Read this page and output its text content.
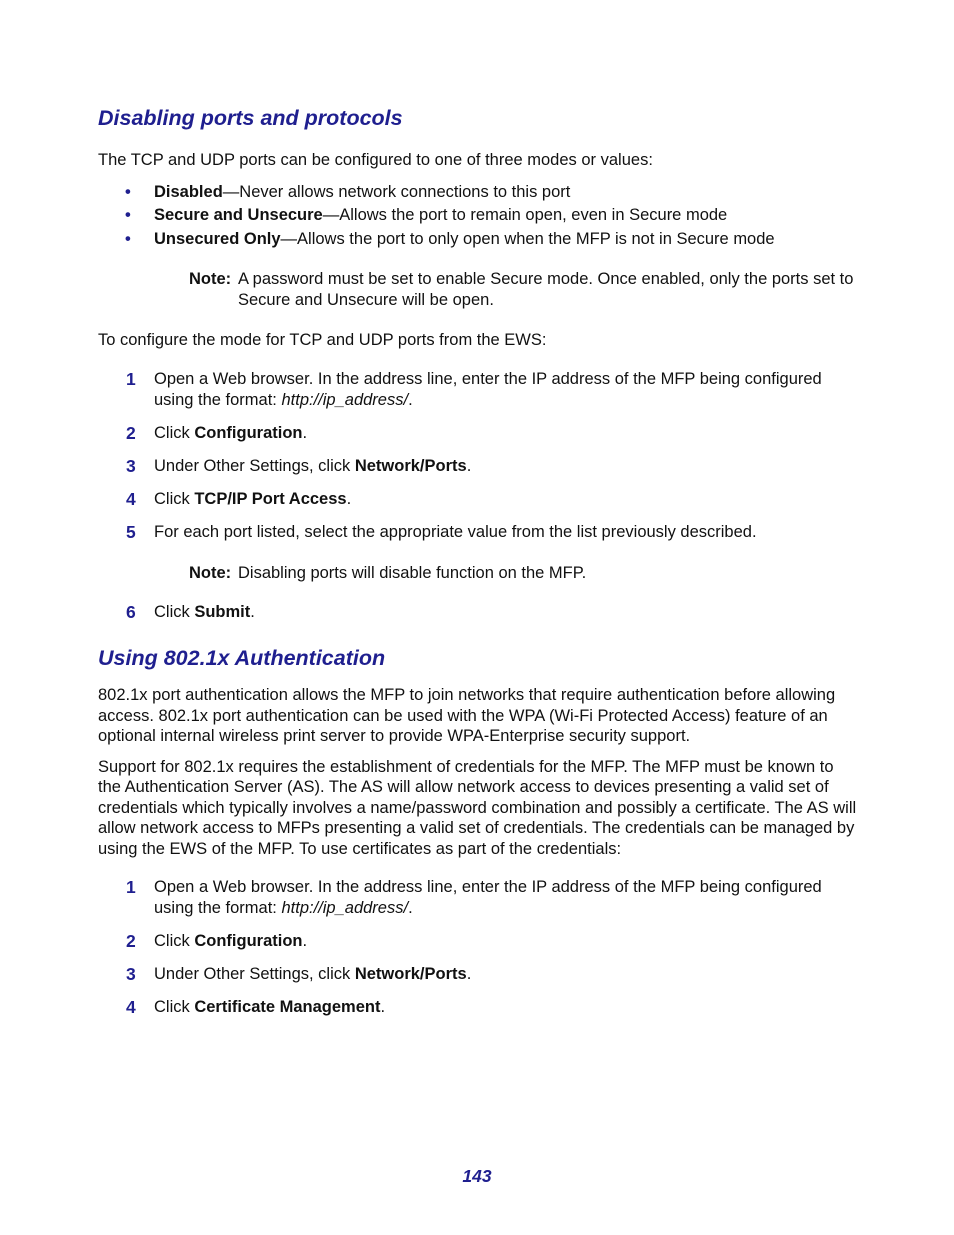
Disabling ports and protocols

The TCP and UDP ports can be configured to one of three modes or values:

• Disabled—Never allows network connections to this port
• Secure and Unsecure—Allows the port to remain open, even in Secure mode
• Unsecured Only—Allows the port to only open when the MFP is not in Secure mode
Note: A password must be set to enable Secure mode. Once enabled, only the ports set to Secure and Unsecure will be open.

To configure the mode for TCP and UDP ports from the EWS:

1 Open a Web browser. In the address line, enter the IP address of the MFP being configured using the format: http://ip_address/.
2 Click Configuration.
3 Under Other Settings, click Network/Ports.
4 Click TCP/IP Port Access.
5 For each port listed, select the appropriate value from the list previously described.
Note: Disabling ports will disable function on the MFP.
6 Click Submit.
Using 802.1x Authentication

802.1x port authentication allows the MFP to join networks that require authentication before allowing access. 802.1x port authentication can be used with the WPA (Wi-Fi Protected Access) feature of an optional internal wireless print server to provide WPA-Enterprise security support.

Support for 802.1x requires the establishment of credentials for the MFP. The MFP must be known to the Authentication Server (AS). The AS will allow network access to devices presenting a valid set of credentials which typically involves a name/password combination and possibly a certificate. The AS will allow network access to MFPs presenting a valid set of credentials. The credentials can be managed by using the EWS of the MFP. To use certificates as part of the credentials:

1 Open a Web browser. In the address line, enter the IP address of the MFP being configured using the format: http://ip_address/.
2 Click Configuration.
3 Under Other Settings, click Network/Ports.
4 Click Certificate Management.
143
